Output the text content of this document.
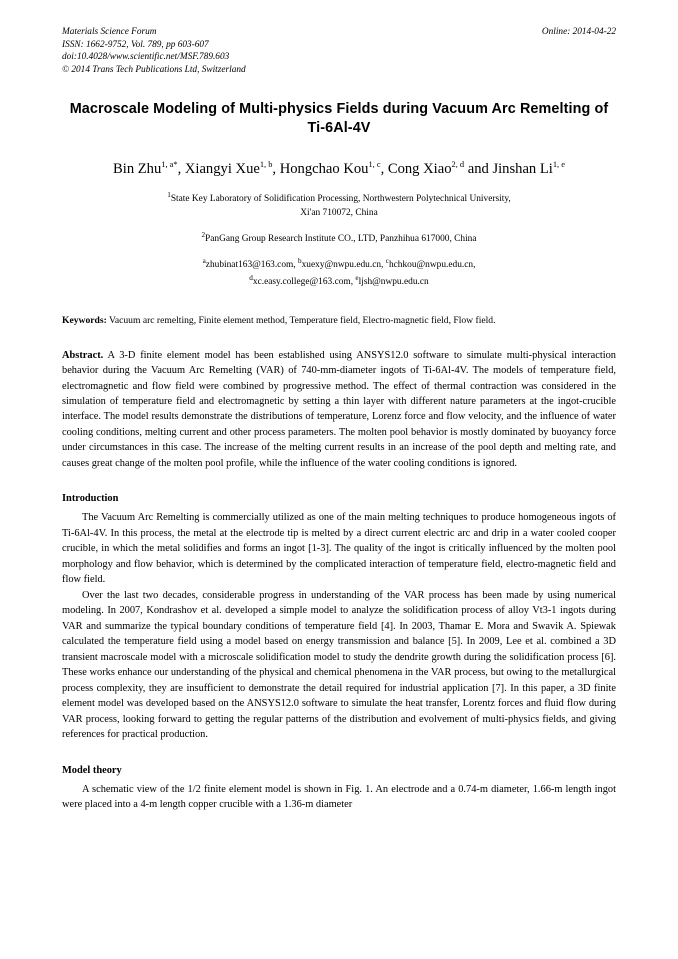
Materials Science Forum
ISSN: 1662-9752, Vol. 789, pp 603-607
doi:10.4028/www.scientific.net/MSF.789.603
© 2014 Trans Tech Publications Ltd, Switzerland
Online: 2014-04-22
Macroscale Modeling of Multi-physics Fields during Vacuum Arc Remelting of Ti-6Al-4V
Bin Zhu$^{1, a*}$, Xiangyi Xue$^{1, b}$, Hongchao Kou$^{1, c}$, Cong Xiao$^{2, d}$ and Jinshan Li$^{1, e}$
$^1$State Key Laboratory of Solidification Processing, Northwestern Polytechnical University,
Xi'an 710072, China
$^2$PanGang Group Research Institute CO., LTD, Panzhihua 617000, China
$^a$zhubinat163@163.com, $^b$xuexy@nwpu.edu.cn, $^c$hchkou@nwpu.edu.cn,
$^d$xc.easy.college@163.com, $^e$ljsh@nwpu.edu.cn
Keywords: Vacuum arc remelting, Finite element method, Temperature field, Electro-magnetic field, Flow field.
Abstract. A 3-D finite element model has been established using ANSYS12.0 software to simulate multi-physical interaction behavior during the Vacuum Arc Remelting (VAR) of 740-mm-diameter ingots of Ti-6Al-4V. The models of temperature field, electromagnetic and flow field were combined by progressive method. The effect of thermal contraction was considered in the simulation of temperature field and electromagnetic by setting a thin layer with different nature parameters at the ingot-crucible interface. The model results demonstrate the distributions of temperature, Lorenz force and flow velocity, and the influence of water cooling conditions, melting current and other process parameters. The molten pool behavior is mostly dominated by buoyancy force under circumstances in this case. The increase of the melting current results in an increase of the pool depth and melting rate, and causes great change of the molten pool profile, while the influence of the water cooling conditions is ignored.
Introduction

The Vacuum Arc Remelting is commercially utilized as one of the main melting techniques to produce homogeneous ingots of Ti-6Al-4V. In this process, the metal at the electrode tip is melted by a direct current electric arc and drip in a water cooled cooper crucible, in which the metal solidifies and forms an ingot [1-3]. The quality of the ingot is critically influenced by the molten pool morphology and flow behavior, which is determined by the complicated interaction of temperature field, electro-magnetic field and flow field.

Over the last two decades, considerable progress in understanding of the VAR process has been made by using numerical modeling. In 2007, Kondrashov et al. developed a simple model to analyze the solidification process of alloy Vt3-1 ingots during VAR and summarize the typical boundary conditions of temperature field [4]. In 2003, Thamar E. Mora and Swavik A. Spiewak calculated the temperature field using a model based on energy transmission and balance [5]. In 2009, Lee et al. combined a 3D transient macroscale model with a microscale solidification model to study the dendrite growth during the solidification process [6]. These works enhance our understanding of the physical and chemical phenomena in the VAR process, but owing to the metallurgical process complexity, they are insufficient to demonstrate the detail required for industrial application [7]. In this paper, a 3D finite element model was developed based on the ANSYS12.0 software to simulate the heat transfer, Lorentz forces and fluid flow during VAR process, looking forward to getting the regular patterns of the distribution and evolvement of multi-physics fields, and giving references for practical production.

Model theory

A schematic view of the 1/2 finite element model is shown in Fig. 1. An electrode and a 0.74-m diameter, 1.66-m length ingot were placed into a 4-m length copper crucible with a 1.36-m diameter
